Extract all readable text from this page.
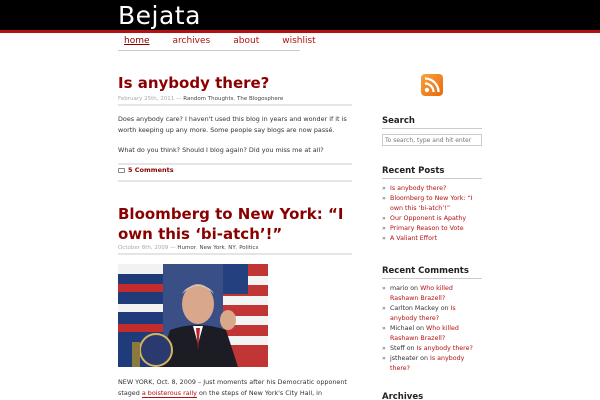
Bejata
home	archives	about	wishlist
Is anybody there?
February 25th, 2011 — Random Thoughts, The Blogosphere

Does anybody care? I haven't used this blog in years and wonder if it is worth keeping up any more. Some people say blogs are now passé.

What do you think? Should I blog again? Did you miss me at all?

5 Comments
Bloomberg to New York: “I own this ‘bi-atch’!”
October 8th, 2009 — Humor, New York, NY, Politics
NEW YORK, Oct. 8, 2009 – Just moments after his Democratic opponent staged a boisterous rally on the steps of New York's City Hall, in
Search
To search, type and hit enter
Recent Posts
» Is anybody there?
» Bloomberg to New York: “I own this ‘bi-atch’!”
» Our Opponent is Apathy
» Primary Reason to Vote
» A Valiant Effort
Recent Comments
» mario on Who killed Rashawn Brazell?
» Carlton Mackey on Is anybody there?
» Michael on Who killed Rashawn Brazell?
» Steff on Is anybody there?
» jstheater on Is anybody there?
Archives
